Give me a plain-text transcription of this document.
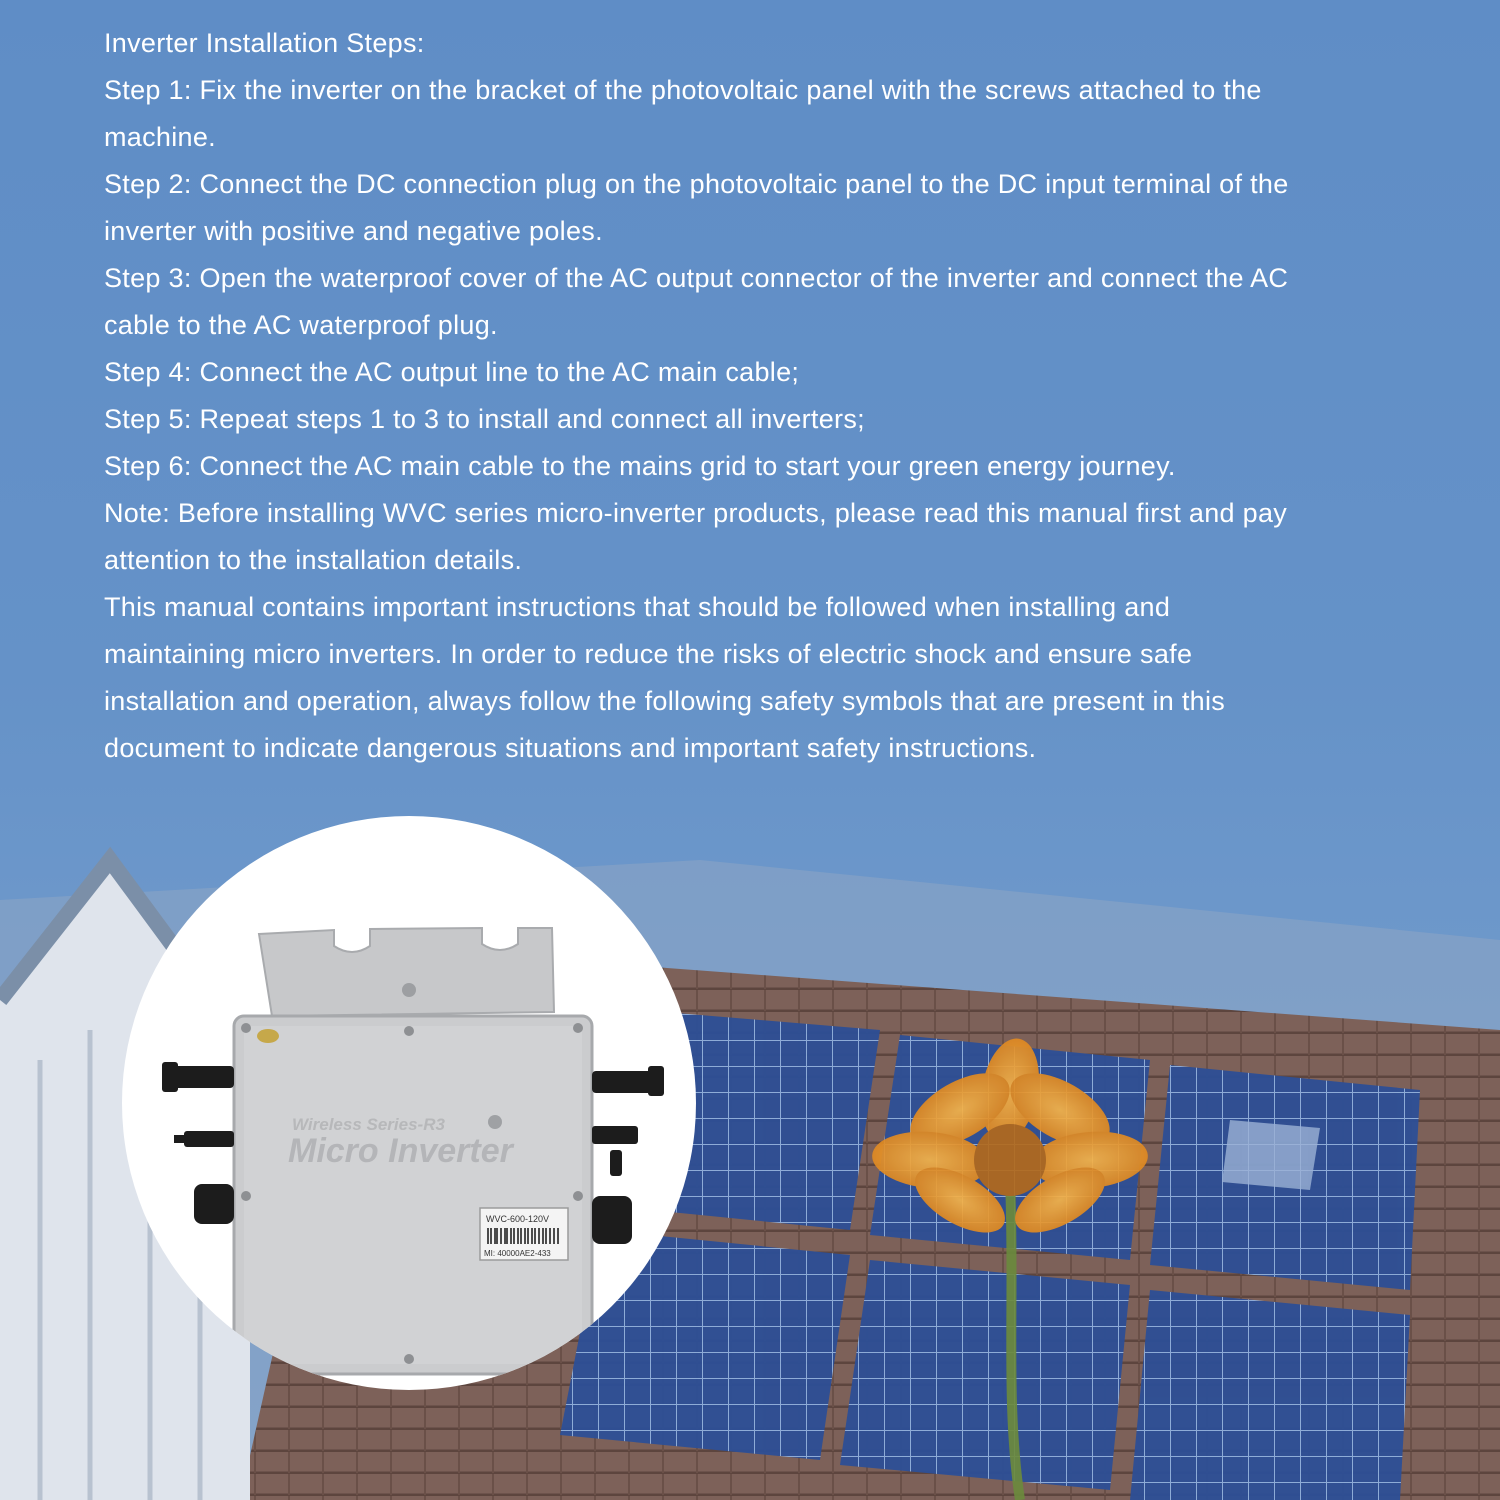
Inverter Installation Steps:

Step 1: Fix the inverter on the bracket of the photovoltaic panel with the screws attached to the machine.

Step 2: Connect the DC connection plug on the photovoltaic panel to the DC input terminal of the inverter with positive and negative poles.

Step 3: Open the waterproof cover of the AC output connector of the inverter and connect the AC cable to the AC waterproof plug.

Step 4: Connect the AC output line to the AC main cable;

Step 5: Repeat steps 1 to 3 to install and connect all inverters;

Step 6: Connect the AC main cable to the mains grid to start your green energy journey.

Note: Before installing WVC series micro-inverter products, please read this manual first and pay attention to the installation details.

This manual contains important instructions that should be followed when installing and maintaining micro inverters. In order to reduce the risks of electric shock and ensure safe installation and operation, always follow the following safety symbols that are present in this document to indicate dangerous situations and important safety instructions.

Wireless Series-R3
Micro Inverter
WVC-600-120V
MI: 40000AE2-433
